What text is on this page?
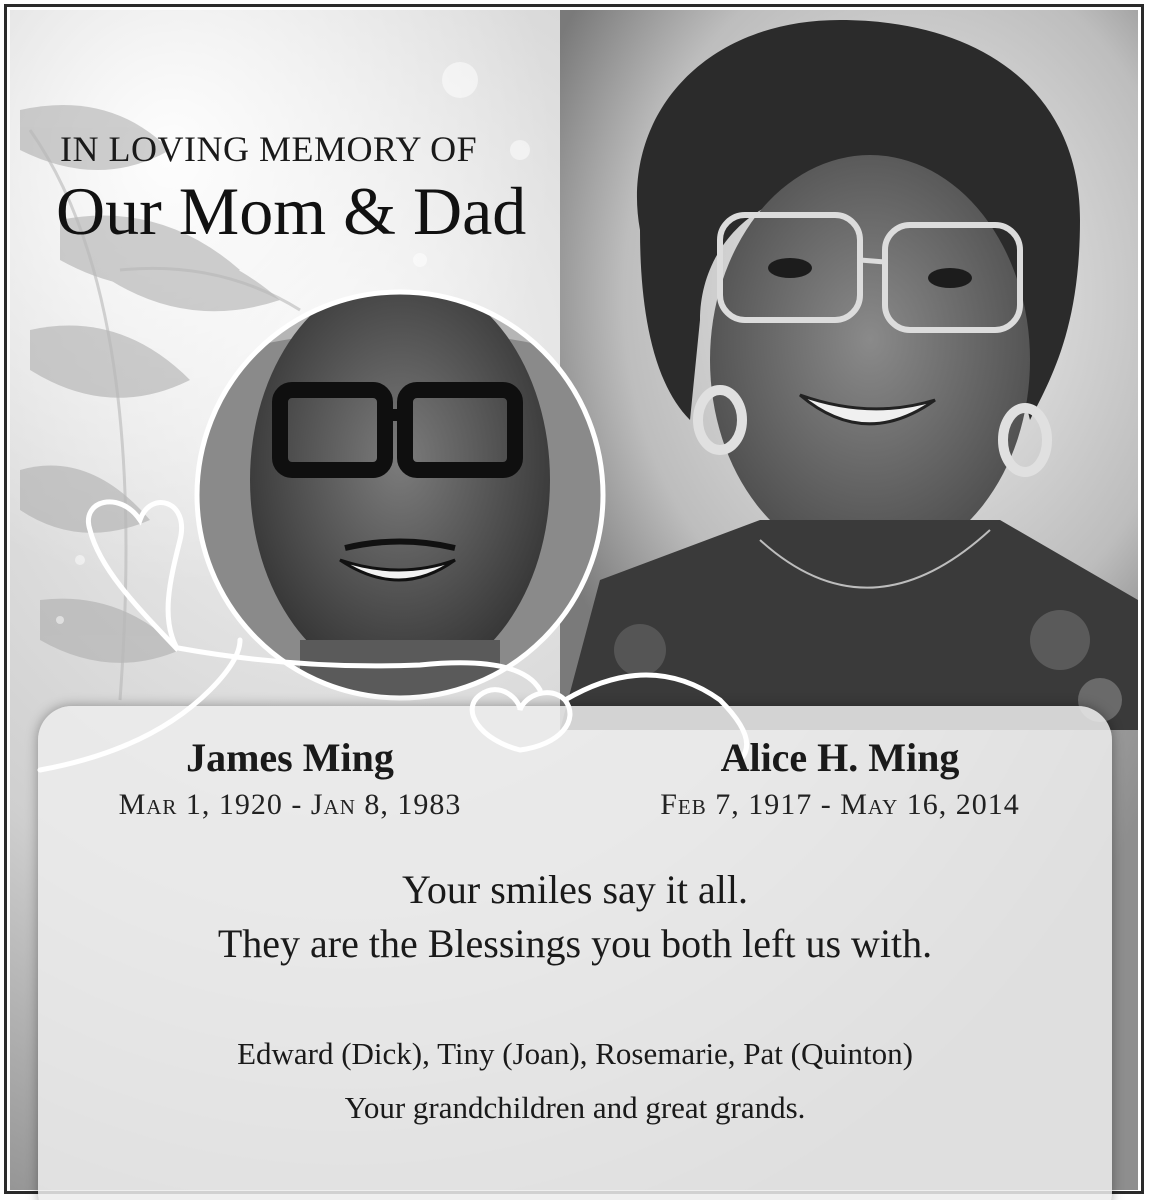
IN LOVING MEMORY OF
Our Mom & Dad
James Ming
Mar 1, 1920 - Jan 8, 1983
Alice H. Ming
Feb 7, 1917 - May 16, 2014
Your smiles say it all.
They are the Blessings you both left us with.
Edward (Dick), Tiny (Joan), Rosemarie, Pat (Quinton)
Your grandchildren and great grands.
